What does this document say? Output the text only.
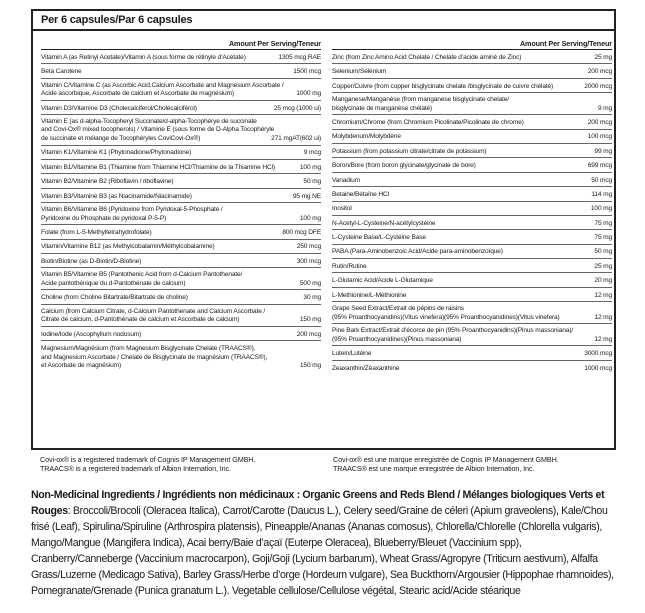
Per 6 capsules/Par 6 capsules
Amount Per Serving/Teneur
Vitamin A (as Retinyl Acetate)/Vitamin A (sous forme de rétinyle d’Acétate)	1305 mcg RAE
Beta Carotene	1500 mcg
Vitamin C/Vitamine C (as Ascorbic Acid,Calcium Ascorbate and Magnesium Ascorbate /
Acide ascorbique, Ascorbate de calcium et Ascorbate de magnésium)	1000 mg
Vitamin D3/Vitamine D3 (Cholecalciferol/Cholécalciférol)	25 mcg (1000 ui)
Vitamin E (as d-alpha-Tocopheryl Succinate/d-alpha-Tocophérye de succinate
and Covi-Ox® mixed tocopherols) / Vitamine E (sous forme de D-Alpha Tocophéryle
de succinate et mélange de Tocophéryles CoviCovi-Ox®)	271 mgAT(602 ui)
Vitamin K1/Vitamine K1 (Phytonadione/Phytonadione)	9 mcg
Vitamin B1/Vitamine B1 (Thiamine from Thiamine HCl/Thiamine de la Thiamine HCl)	100 mg
Vitamin B2/Vitamine B2 (Riboflavin / riboflavine)	50 mg
Vitamin B3/Vitamine B3 (as Niacinamide/Niacinamide)	95 mg NE
Vitamin B6/Vitamine B6 (Pyridoxine from Pyridoxal-5-Phosphate /
Pyridoxine du Phosphate de pyridoxal P-5-P)	100 mg
Folate (from L-5-Methyltetrahydrofolate)	800 mcg DFE
Vitamin/Vitamine B12 (as Methylcobalamin/Méthylcobalamine)	250 mcg
Biotin/Biotine (as D-Biotin/D-Biotine)	300 mcg
Vitamin B5/Vitamine B5 (Pantothenic Acid from d-Calcium Pantothenate/
Acide pantothénique du d-Pantothénate de calcium)	500 mg
Choline (from Choline Bitartrate/Bitartrate de choline)	30 mg
Calcium (from Calcium Citrate, d-Calcium Pantothenate and Calcium Ascorbate /
Citrate de calcium, d-Pantothénate de calcium et Ascorbate de calcium)	150 mg
Iodine/Iode (Ascophyllum nodosum)	200 mcg
Magnesium/Magnésium (from Magnesium Bisglycinate Chelate (TRAACS®),
and Magnesium Ascorbate / Chelate de Bisglycinate de magnésium (TRAACS®),
et Ascorbate de magnésium)	150 mg
Amount Per Serving/Teneur
Zinc (from Zinc Amino Acid Chelate / Chelate d’acide aminé de Zinc)	25 mg
Selenium/Sélénium	200 mcg
Copper/Cuivre (from copper bisglycinate chelate /bisglycinate de cuivre chélaté)	2000 mcg
Manganese/Manganèse (from manganese bisglycinate chelate/
bisglycinate de manganèse chélaté)	9 mg
Chromium/Chrome (from Chromium Picolinate/Picolinate de chrome)	200 mcg
Molybdenum/Molybdène	100 mcg
Potassium (from potassium citrate/citrate de potassium)	99 mg
Boron/Bore (from boron glycinate/glycinate de bore)	699 mcg
Vanadium	50 mcg
Betaine/Bétaïne HCl	114 mg
Inositol	100 mg
N-Acetyl-L-Cysteine/N-acétylcystéine	75 mg
L-Cysteine Base/L-Cystéine Base	75 mg
PABA (Para-Aminobenzoic Acid/Acide para-aminobenzoïque)	50 mg
Rutin/Rutine	25 mg
L-Glutamic Acid/Acide L-Glutamique	20 mg
L-Methionine/L-Méthionine	12 mg
Grape Seed Extract/Extrait de pépins de raisins
(95% Proanthocyanidins)(Vitus vinefera)(95% Proanthocyanidines)(Vitus vinefera)	12 mg
Pine Bark Extract/Extrait d’écorce de pin (95% Proanthocyanidins)(Pinus massoniana)/
(95% Proanthocyanidines)(Pinus massoniana)	12 mg
Lutein/Lutéine	3000 mcg
Zeaxanthin/Zéaxanthine	1000 mcg
Covi-ox® is a registered trademark of Cognis IP Management GMBH.
TRAACS® is a registered trademark of Albion Internation, Inc.
Covi-ox® est une marque enregistrée de Cognis IP Management GMBH.
TRAACS® est une marque enregistrée de Albion Internation, Inc.
Non-Medicinal Ingredients / Ingrédients non médicinaux : Organic Greens and Reds Blend / Mélanges biologiques Verts et Rouges: Broccoli/Brocoli (Oleracea Italica), Carrot/Carotte (Daucus L.), Celery seed/Graine de céleri (Apium graveolens), Kale/Chou frisé (Leaf), Spirulina/Spiruline (Arthrospira platensis), Pineapple/Ananas (Ananas comosus), Chlorella/Chlorelle (Chlorella vulgaris), Mango/Mangue (Mangifera Indica), Acai berry/Baie d’açaï (Euterpe Oleracea), Blueberry/Bleuet (Vaccinium spp), Cranberry/Canneberge (Vaccinium macrocarpon), Goji/Goji (Lycium barbarum), Wheat Grass/Agropyre (Triticum aestivum), Alfalfa Grass/Luzerne (Medicago Sativa), Barley Grass/Herbe d’orge (Hordeum vulgare), Sea Buckthorn/Argousier (Hippophae rhamnoides), Pomegranate/Grenade (Punica granatum L.). Vegetable cellulose/Cellulose végétal, Stearic acid/Acide stéarique
